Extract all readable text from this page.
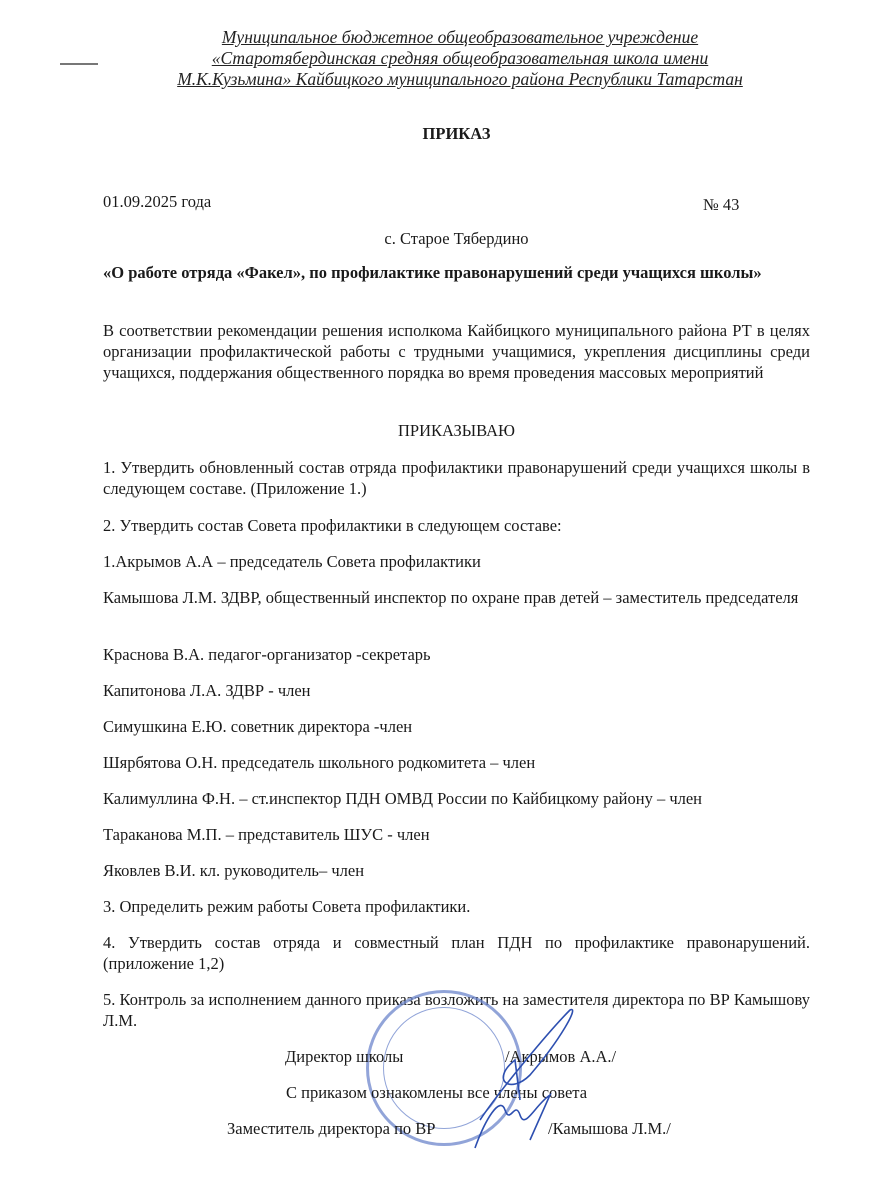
Муниципальное бюджетное общеобразовательное учреждение
«Старотябердинская средняя общеобразовательная школа имени
М.К.Кузьмина» Кайбицкого муниципального района Республики Татарстан
ПРИКАЗ
01.09.2025 года	№ 43
с. Старое Тябердино
«О работе отряда «Факел», по профилактике правонарушений среди учащихся школы»
В соответствии рекомендации решения исполкома Кайбицкого муниципального района РТ в целях организации профилактической работы с трудными учащимися, укрепления дисциплины среди учащихся, поддержания общественного порядка во время проведения массовых мероприятий
ПРИКАЗЫВАЮ
1. Утвердить обновленный состав отряда профилактики правонарушений среди учащихся школы в следующем составе. (Приложение 1.)
2. Утвердить состав Совета профилактики в следующем составе:
1.Акрымов А.А – председатель Совета профилактики
Камышова Л.М. ЗДВР, общественный инспектор по охране прав детей – заместитель председателя
Краснова В.А. педагог-организатор -секретарь
Капитонова Л.А. ЗДВР - член
Симушкина Е.Ю. советник директора -член
Шярбятова О.Н. председатель школьного родкомитета – член
Калимуллина Ф.Н. – ст.инспектор ПДН ОМВД России по Кайбицкому району – член
Тараканова М.П. – представитель ШУС - член
Яковлев В.И. кл. руководитель– член
3. Определить режим работы Совета профилактики.
4. Утвердить состав отряда и совместный план ПДН по профилактике правонарушений. (приложение 1,2)
5. Контроль за исполнением данного приказа возложить на заместителя директора по ВР Камышову Л.М.
Директор школы	/Акрымов А.А./
С приказом ознакомлены все члены совета
Заместитель директора по ВР	/Камышова Л.М./
